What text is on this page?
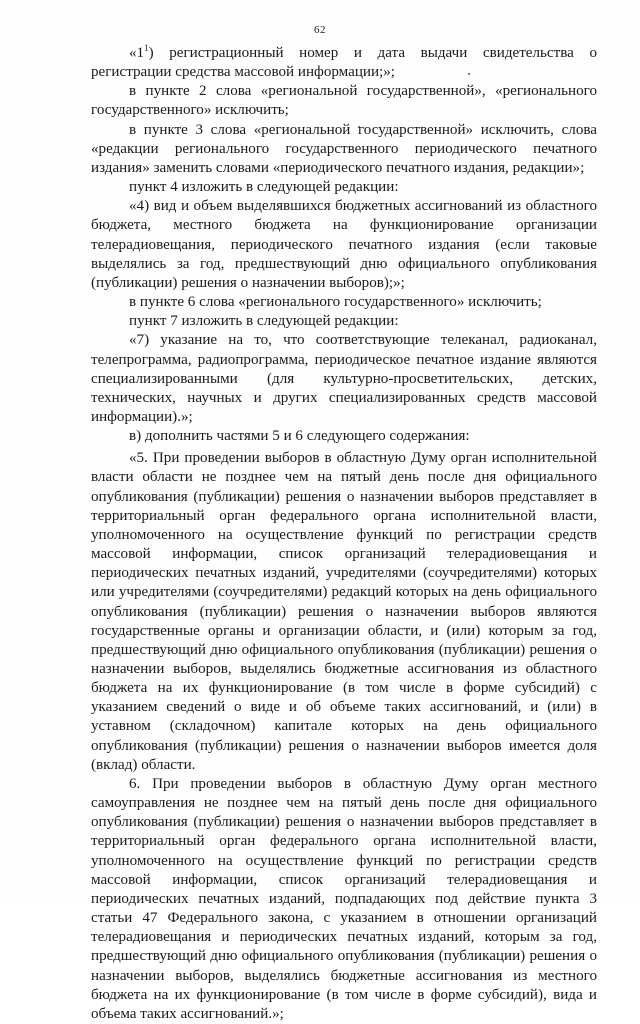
62

«$1^1$) регистрационный номер и дата выдачи свидетельства о регистрации средства массовой информации;»;

в пункте 2 слова «региональной государственной», «регионального государственного» исключить;

в пункте 3 слова «региональной государственной» исключить, слова «редакции регионального государственного периодического печатного издания» заменить словами «периодического печатного издания, редакции»;

пункт 4 изложить в следующей редакции:

«4) вид и объем выделявшихся бюджетных ассигнований из областного бюджета, местного бюджета на функционирование организации телерадиовещания, периодического печатного издания (если таковые выделялись за год, предшествующий дню официального опубликования (публикации) решения о назначении выборов);»;

в пункте 6 слова «регионального государственного» исключить;

пункт 7 изложить в следующей редакции:

«7) указание на то, что соответствующие телеканал, радиоканал, телепрограмма, радиопрограмма, периодическое печатное издание являются специализированными (для культурно-просветительских, детских, технических, научных и других специализированных средств массовой информации).»;

в) дополнить частями 5 и 6 следующего содержания:

«5. При проведении выборов в областную Думу орган исполнительной власти области не позднее чем на пятый день после дня официального опубликования (публикации) решения о назначении выборов представляет в территориальный орган федерального органа исполнительной власти, уполномоченного на осуществление функций по регистрации средств массовой информации, список организаций телерадиовещания и периодических печатных изданий, учредителями (соучредителями) которых или учредителями (соучредителями) редакций которых на день официального опубликования (публикации) решения о назначении выборов являются государственные органы и организации области, и (или) которым за год, предшествующий дню официального опубликования (публикации) решения о назначении выборов, выделялись бюджетные ассигнования из областного бюджета на их функционирование (в том числе в форме субсидий) с указанием сведений о виде и об объеме таких ассигнований, и (или) в уставном (складочном) капитале которых на день официального опубликования (публикации) решения о назначении выборов имеется доля (вклад) области.

6. При проведении выборов в областную Думу орган местного самоуправления не позднее чем на пятый день после дня официального опубликования (публикации) решения о назначении выборов представляет в территориальный орган федерального органа исполнительной власти, уполномоченного на осуществление функций по регистрации средств массовой информации, список организаций телерадиовещания и периодических печатных изданий, подпадающих под действие пункта 3 статьи 47 Федерального закона, с указанием в отношении организаций телерадиовещания и периодических печатных изданий, которым за год, предшествующий дню официального опубликования (публикации) решения о назначении выборов, выделялись бюджетные ассигнования из местного бюджета на их функционирование (в том числе в форме субсидий), вида и объема таких ассигнований.»;
